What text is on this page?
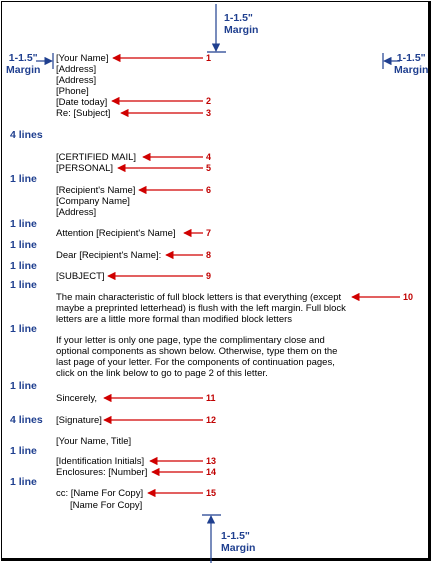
1-1.5"
Margin
1-1.5"
Margin
1-1.5"
Margin
1-1.5"
Margin
4 lines
1 line
1 line
1 line
1 line
1 line
1 line
1 line
4 lines
1 line
1 line
[Your Name]
[Address]
[Address]
[Phone]
[Date today]
Re: [Subject]
[CERTIFIED MAIL]
[PERSONAL]
[Recipient's Name]
[Company Name]
[Address]
Attention [Recipient's Name]
Dear [Recipient's Name]:
[SUBJECT]
The main characteristic of full block letters is that everything (except maybe a preprinted letterhead) is flush with the left margin. Full block letters are a little more formal than modified block letters
If your letter is only one page, type the complimentary close and optional components as shown below. Otherwise, type them on the last page of your letter. For the components of continuation pages, click on the link below to go to page 2 of this letter.
Sincerely,
[Signature]
[Your Name, Title]
[Identification Initials]
Enclosures: [Number]
cc: [Name For Copy]
[Name For Copy]
1
2
3
4
5
6
7
8
9
10
11
12
13
14
15
